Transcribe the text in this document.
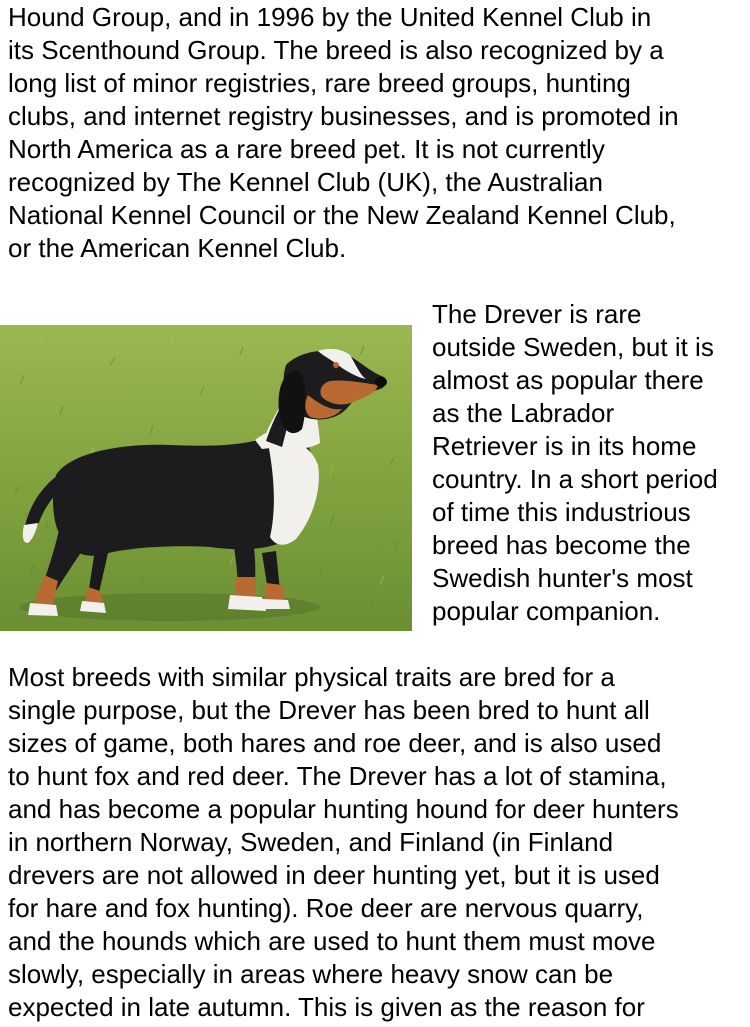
Hound Group, and in 1996 by the United Kennel Club in
its Scenthound Group. The breed is also recognized by a
long list of minor registries, rare breed groups, hunting
clubs, and internet registry businesses, and is promoted in
North America as a rare breed pet. It is not currently
recognized by The Kennel Club (UK), the Australian
National Kennel Council or the New Zealand Kennel Club,
or the American Kennel Club.

The Drever is rare
outside Sweden, but it is
almost as popular there
as the Labrador
Retriever is in its home
country. In a short period
of time this industrious
breed has become the
Swedish hunter's most
popular companion.

Most breeds with similar physical traits are bred for a
single purpose, but the Drever has been bred to hunt all
sizes of game, both hares and roe deer, and is also used
to hunt fox and red deer. The Drever has a lot of stamina,
and has become a popular hunting hound for deer hunters
in northern Norway, Sweden, and Finland (in Finland
drevers are not allowed in deer hunting yet, but it is used
for hare and fox hunting). Roe deer are nervous quarry,
and the hounds which are used to hunt them must move
slowly, especially in areas where heavy snow can be
expected in late autumn. This is given as the reason for
